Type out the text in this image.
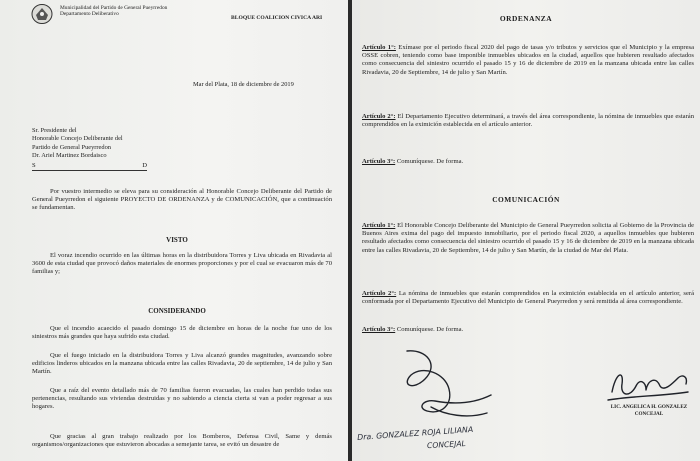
Municipalidad del Partido de General Pueyrredon
Departamento Deliberativo
BLOQUE COALICION CIVICA ARI
Mar del Plata, 18 de diciembre de 2019
Sr. Presidente del
Honorable Concejo Deliberante del
Partido de General Pueyrredon
Dr. Ariel Martinez Bordaisco
S	D
Por vuestro intermedio se eleva para su consideración al Honorable Concejo Deliberante del Partido de General Pueyrredon el siguiente PROYECTO DE ORDENANZA y de COMUNICACIÓN, que a continuación se fundamentan.
VISTO
El voraz incendio ocurrido en las últimas horas en la distribuidora Torres y Liva ubicada en Rivadavia al 3600 de esta ciudad que provocó daños materiales de enormes proporciones y por el cual se evacuaron más de 70 familias y;
CONSIDERANDO
Que el incendio acaecido el pasado domingo 15 de diciembre en horas de la noche fue uno de los siniestros más grandes que haya sufrido esta ciudad.
Que el fuego iniciado en la distribuidora Torres y Liva alcanzó grandes magnitudes, avanzando sobre edificios linderos ubicados en la manzana ubicada entre las calles Rivadavia, 20 de septiembre, 14 de julio y San Martín.
Que a raíz del evento detallado más de 70 familias fueron evacuadas, las cuales han perdido todas sus pertenencias, resultando sus viviendas destruidas y no sabiendo a ciencia cierta si van a poder regresar a sus hogares.
Que gracias al gran trabajo realizado por los Bomberos, Defensa Civil, Same y demás organismos/organizaciones que estuvieron abocadas a semejante tarea, se evitó un desastre de
ORDENANZA
Artículo 1°: Exímase por el periodo fiscal 2020 del pago de tasas y/o tributos y servicios que el Municipio y la empresa OSSE cobren, teniendo como base imponible inmuebles ubicados en la ciudad, aquellos que hubieren resultado afectados como consecuencia del siniestro ocurrido el pasado 15 y 16 de diciembre de 2019 en la manzana ubicada entre las calles Rivadavia, 20 de Septiembre, 14 de julio y San Martín.
Artículo 2°: El Departamento Ejecutivo determinará, a través del área correspondiente, la nómina de inmuebles que estarán comprendidos en la eximición establecida en el artículo anterior.
Artículo 3°: Comuníquese. De forma.
COMUNICACIÓN
Artículo 1°: El Honorable Concejo Deliberante del Municipio de General Pueyrredon solicita al Gobierno de la Provincia de Buenos Aires exima del pago del impuesto inmobiliario, por el periodo fiscal 2020, a aquellos inmuebles que hubieren resultado afectados como consecuencia del siniestro ocurrido el pasado 15 y 16 de diciembre de 2019 en la manzana ubicada entre las calles Rivadavia, 20 de Septiembre, 14 de julio y San Martín, de la ciudad de Mar del Plata.
Artículo 2°: La nómina de inmuebles que estarán comprendidos en la eximición establecida en el artículo anterior, será conformada por el Departamento Ejecutivo del Municipio de General Pueyrredon y será remitida al área correspondiente.
Artículo 3°: Comuníquese. De forma.
Dra. GONZALEZ ROJA LILIANA
CONCEJAL
LIC. ANGELICA H. GONZALEZ
CONCEJAL
